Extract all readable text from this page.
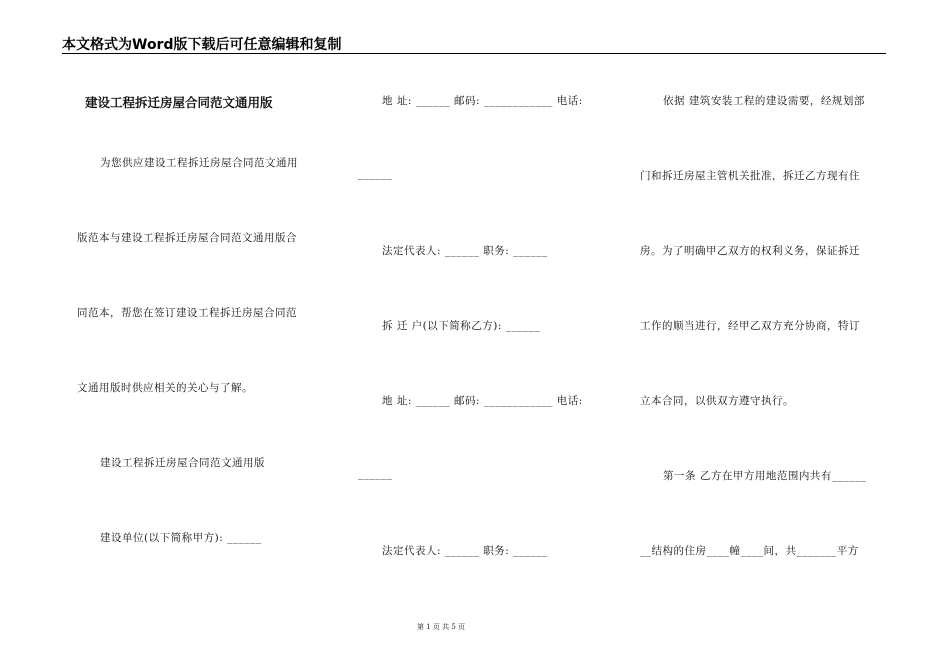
本文格式为Word版下载后可任意编辑和复制
建设工程拆迁房屋合同范文通用版
为您供应建设工程拆迁房屋合同范文通用
版范本与建设工程拆迁房屋合同范文通用版合
同范本，帮您在签订建设工程拆迁房屋合同范
文通用版时供应相关的关心与了解。
建设工程拆迁房屋合同范文通用版
建设单位(以下简称甲方): ______
地 址: ______ 邮码: ____________ 电话:
______
法定代表人: ______ 职务: ______
拆 迁 户(以下简称乙方): ______
地 址: ______ 邮码: ____________ 电话:
______
法定代表人: ______ 职务: ______
依据 建筑安装工程的建设需要，经规划部
门和拆迁房屋主管机关批准，拆迁乙方现有住
房。为了明确甲乙双方的权利义务，保证拆迁
工作的顺当进行，经甲乙双方充分协商，特订
立本合同，以供双方遵守执行。
第一条 乙方在甲方用地范围内共有______
__结构的住房____幢____间，共_______平方
第 1 页 共 5 页
